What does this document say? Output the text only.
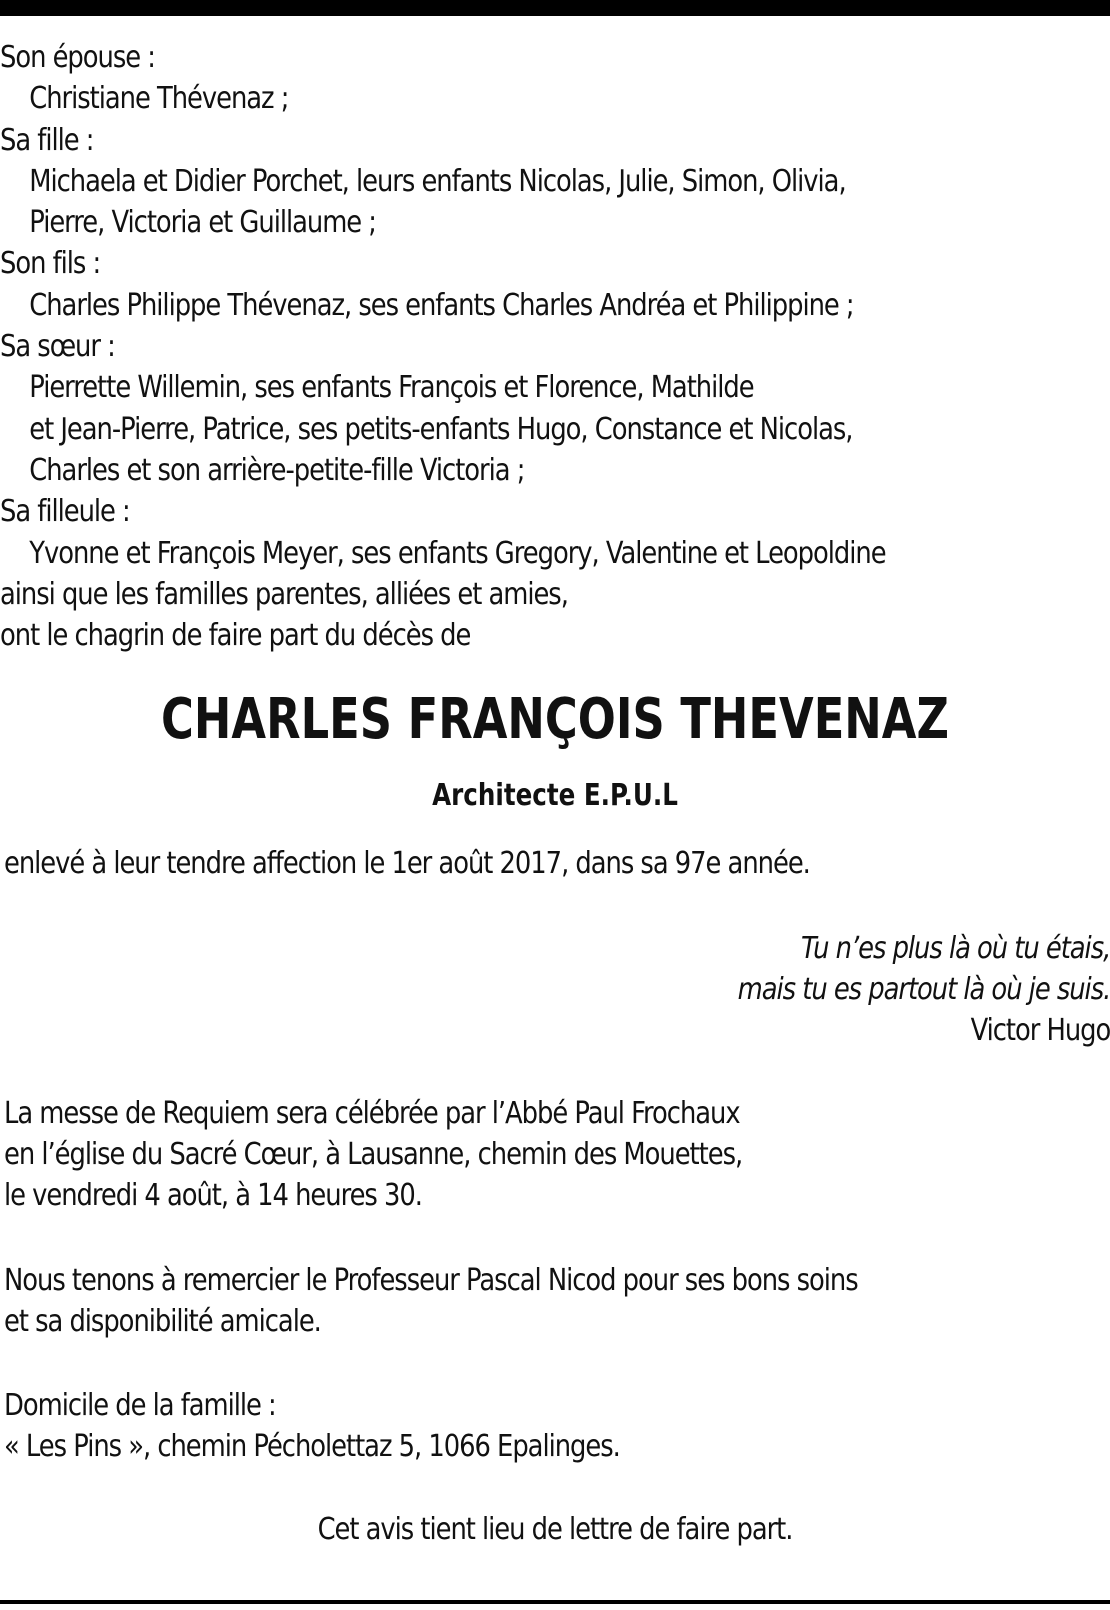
Son épouse :
Christiane Thévenaz ;
Sa fille :
Michaela et Didier Porchet, leurs enfants Nicolas, Julie, Simon, Olivia,
Pierre, Victoria et Guillaume ;
Son fils :
Charles Philippe Thévenaz, ses enfants Charles Andréa et Philippine ;
Sa sœur :
Pierrette Willemin, ses enfants François et Florence, Mathilde
et Jean-Pierre, Patrice, ses petits-enfants Hugo, Constance et Nicolas,
Charles et son arrière-petite-fille Victoria ;
Sa filleule :
Yvonne et François Meyer, ses enfants Gregory, Valentine et Leopoldine
ainsi que les familles parentes, alliées et amies,
ont le chagrin de faire part du décès de
CHARLES FRANÇOIS THEVENAZ
Architecte E.P.U.L
enlevé à leur tendre affection le 1er août 2017, dans sa 97e année.
Tu n’es plus là où tu étais,
mais tu es partout là où je suis.
Victor Hugo
La messe de Requiem sera célébrée par l’Abbé Paul Frochaux
en l’église du Sacré Cœur, à Lausanne, chemin des Mouettes,
le vendredi 4 août, à 14 heures 30.
Nous tenons à remercier le Professeur Pascal Nicod pour ses bons soins
et sa disponibilité amicale.
Domicile de la famille :
« Les Pins », chemin Pécholettaz 5, 1066 Epalinges.
Cet avis tient lieu de lettre de faire part.
